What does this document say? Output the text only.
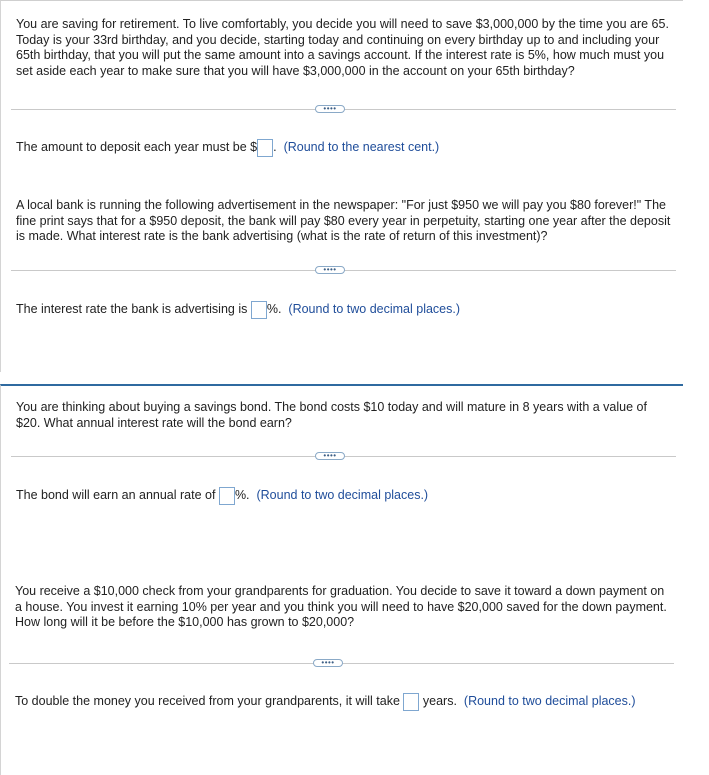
You are saving for retirement. To live comfortably, you decide you will need to save $3,000,000 by the time you are 65. Today is your 33rd birthday, and you decide, starting today and continuing on every birthday up to and including your 65th birthday, that you will put the same amount into a savings account. If the interest rate is 5%, how much must you set aside each year to make sure that you will have $3,000,000 in the account on your 65th birthday?

••••
The amount to deposit each year must be $ . (Round to the nearest cent.)

A local bank is running the following advertisement in the newspaper: "For just $950 we will pay you $80 forever!" The fine print says that for a $950 deposit, the bank will pay $80 every year in perpetuity, starting one year after the deposit is made. What interest rate is the bank advertising (what is the rate of return of this investment)?

••••
The interest rate the bank is advertising is %. (Round to two decimal places.)

You are thinking about buying a savings bond. The bond costs $10 today and will mature in 8 years with a value of $20. What annual interest rate will the bond earn?

••••
The bond will earn an annual rate of %. (Round to two decimal places.)

You receive a $10,000 check from your grandparents for graduation. You decide to save it toward a down payment on a house. You invest it earning 10% per year and you think you will need to have $20,000 saved for the down payment. How long will it be before the $10,000 has grown to $20,000?

••••
To double the money you received from your grandparents, it will take years. (Round to two decimal places.)
